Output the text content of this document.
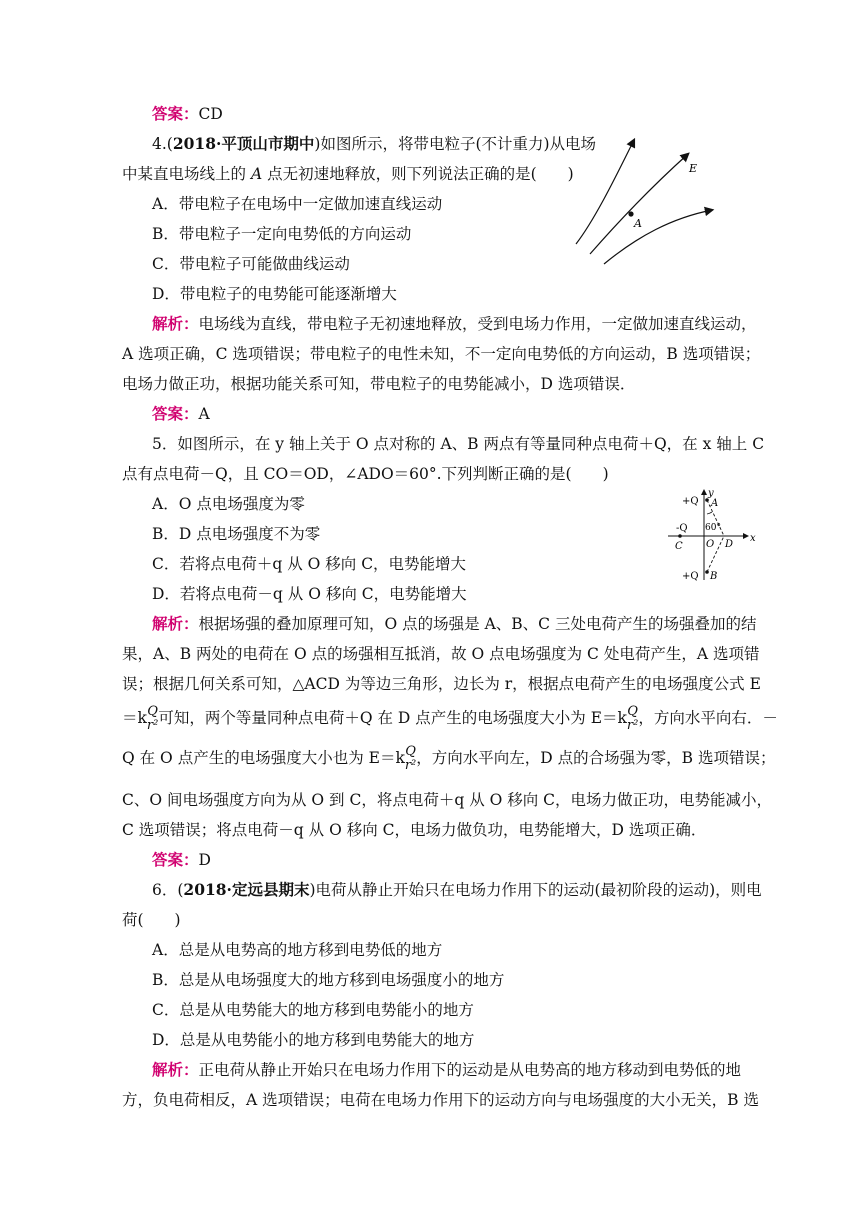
答案：CD
4.(2018·平顶山市期中)如图所示，将带电粒子(不计重力)从电场
中某直电场线上的 A 点无初速地释放，则下列说法正确的是(　　)
A．带电粒子在电场中一定做加速直线运动
B．带电粒子一定向电势低的方向运动
C．带电粒子可能做曲线运动
D．带电粒子的电势能可能逐渐增大
E
A
解析：电场线为直线，带电粒子无初速地释放，受到电场力作用，一定做加速直线运动，
A 选项正确，C 选项错误；带电粒子的电性未知，不一定向电势低的方向运动，B 选项错误；
电场力做正功，根据功能关系可知，带电粒子的电势能减小，D 选项错误．
答案：A
5．如图所示，在 y 轴上关于 O 点对称的 A、B 两点有等量同种点电荷＋Q，在 x 轴上 C
点有点电荷－Q，且 CO＝OD，∠ADO＝60°.下列判断正确的是(　　)
A．O 点电场强度为零
B．D 点电场强度不为零
C．若将点电荷＋q 从 O 移向 C，电势能增大
D．若将点电荷－q 从 O 移向 C，电势能增大
+Q
y
A
-Q 60°
C O D
x
+Q B
解析：根据场强的叠加原理可知，O 点的场强是 A、B、C 三处电荷产生的场强叠加的结
果，A、B 两处的电荷在 O 点的场强相互抵消，故 O 点电场强度为 C 处电荷产生，A 选项错
误；根据几何关系可知，△ACD 为等边三角形，边长为 r，根据点电荷产生的电场强度公式 E
＝k Q
r² 可知，两个等量同种点电荷＋Q 在 D 点产生的电场强度大小为 E＝k Q
r² ，方向水平向右．－
Q 在 O 点产生的电场强度大小也为 E＝k Q
r² ，方向水平向左，D 点的合场强为零，B 选项错误；
C、O 间电场强度方向为从 O 到 C，将点电荷＋q 从 O 移向 C，电场力做正功，电势能减小，
C 选项错误；将点电荷－q 从 O 移向 C，电场力做负功，电势能增大，D 选项正确．
答案：D
6．(2018·定远县期末)电荷从静止开始只在电场力作用下的运动(最初阶段的运动)，则电
荷(　　)
A．总是从电势高的地方移到电势低的地方
B．总是从电场强度大的地方移到电场强度小的地方
C．总是从电势能大的地方移到电势能小的地方
D．总是从电势能小的地方移到电势能大的地方
解析：正电荷从静止开始只在电场力作用下的运动是从电势高的地方移动到电势低的地
方，负电荷相反，A 选项错误；电荷在电场力作用下的运动方向与电场强度的大小无关，B 选
